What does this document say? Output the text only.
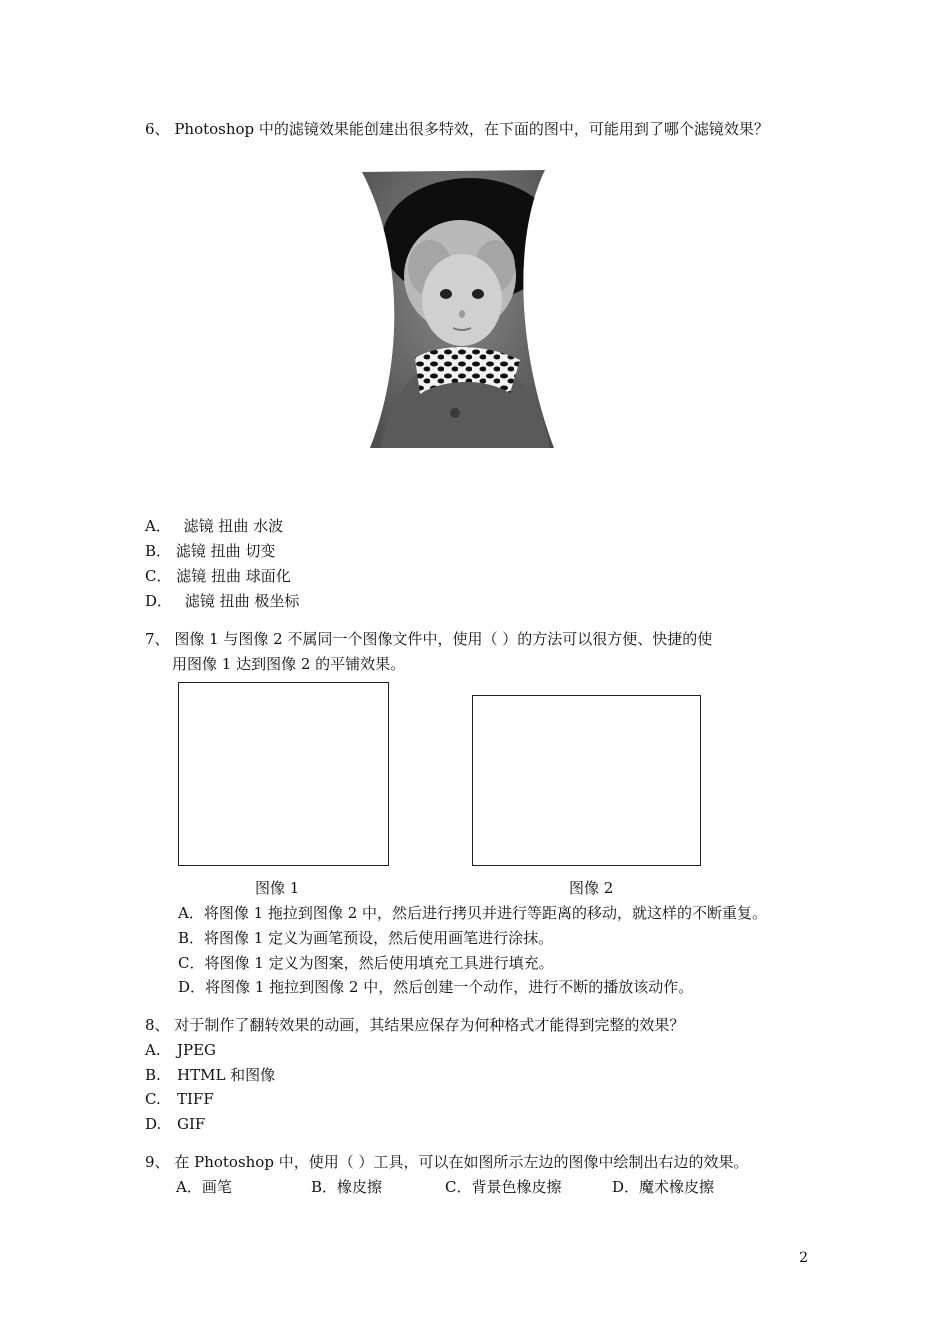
6、 Photoshop 中的滤镜效果能创建出很多特效，在下面的图中，可能用到了哪个滤镜效果？
A． 滤镜 扭曲 水波
B． 滤镜 扭曲 切变
C． 滤镜 扭曲 球面化
D． 滤镜 扭曲 极坐标
7、 图像 1 与图像 2 不属同一个图像文件中，使用（ ）的方法可以很方便、快捷的使
用图像 1 达到图像 2 的平铺效果。
图像 1	图像 2
A．将图像 1 拖拉到图像 2 中，然后进行拷贝并进行等距离的移动，就这样的不断重复。
B．将图像 1 定义为画笔预设，然后使用画笔进行涂抹。
C．将图像 1 定义为图案，然后使用填充工具进行填充。
D．将图像 1 拖拉到图像 2 中，然后创建一个动作，进行不断的播放该动作。
8、 对于制作了翻转效果的动画，其结果应保存为何种格式才能得到完整的效果？
A. JPEG
B. HTML 和图像
C. TIFF
D. GIF
9、 在 Photoshop 中，使用（ ）工具，可以在如图所示左边的图像中绘制出右边的效果。
A．画笔	B．橡皮擦	C．背景色橡皮擦	D．魔术橡皮擦
2
